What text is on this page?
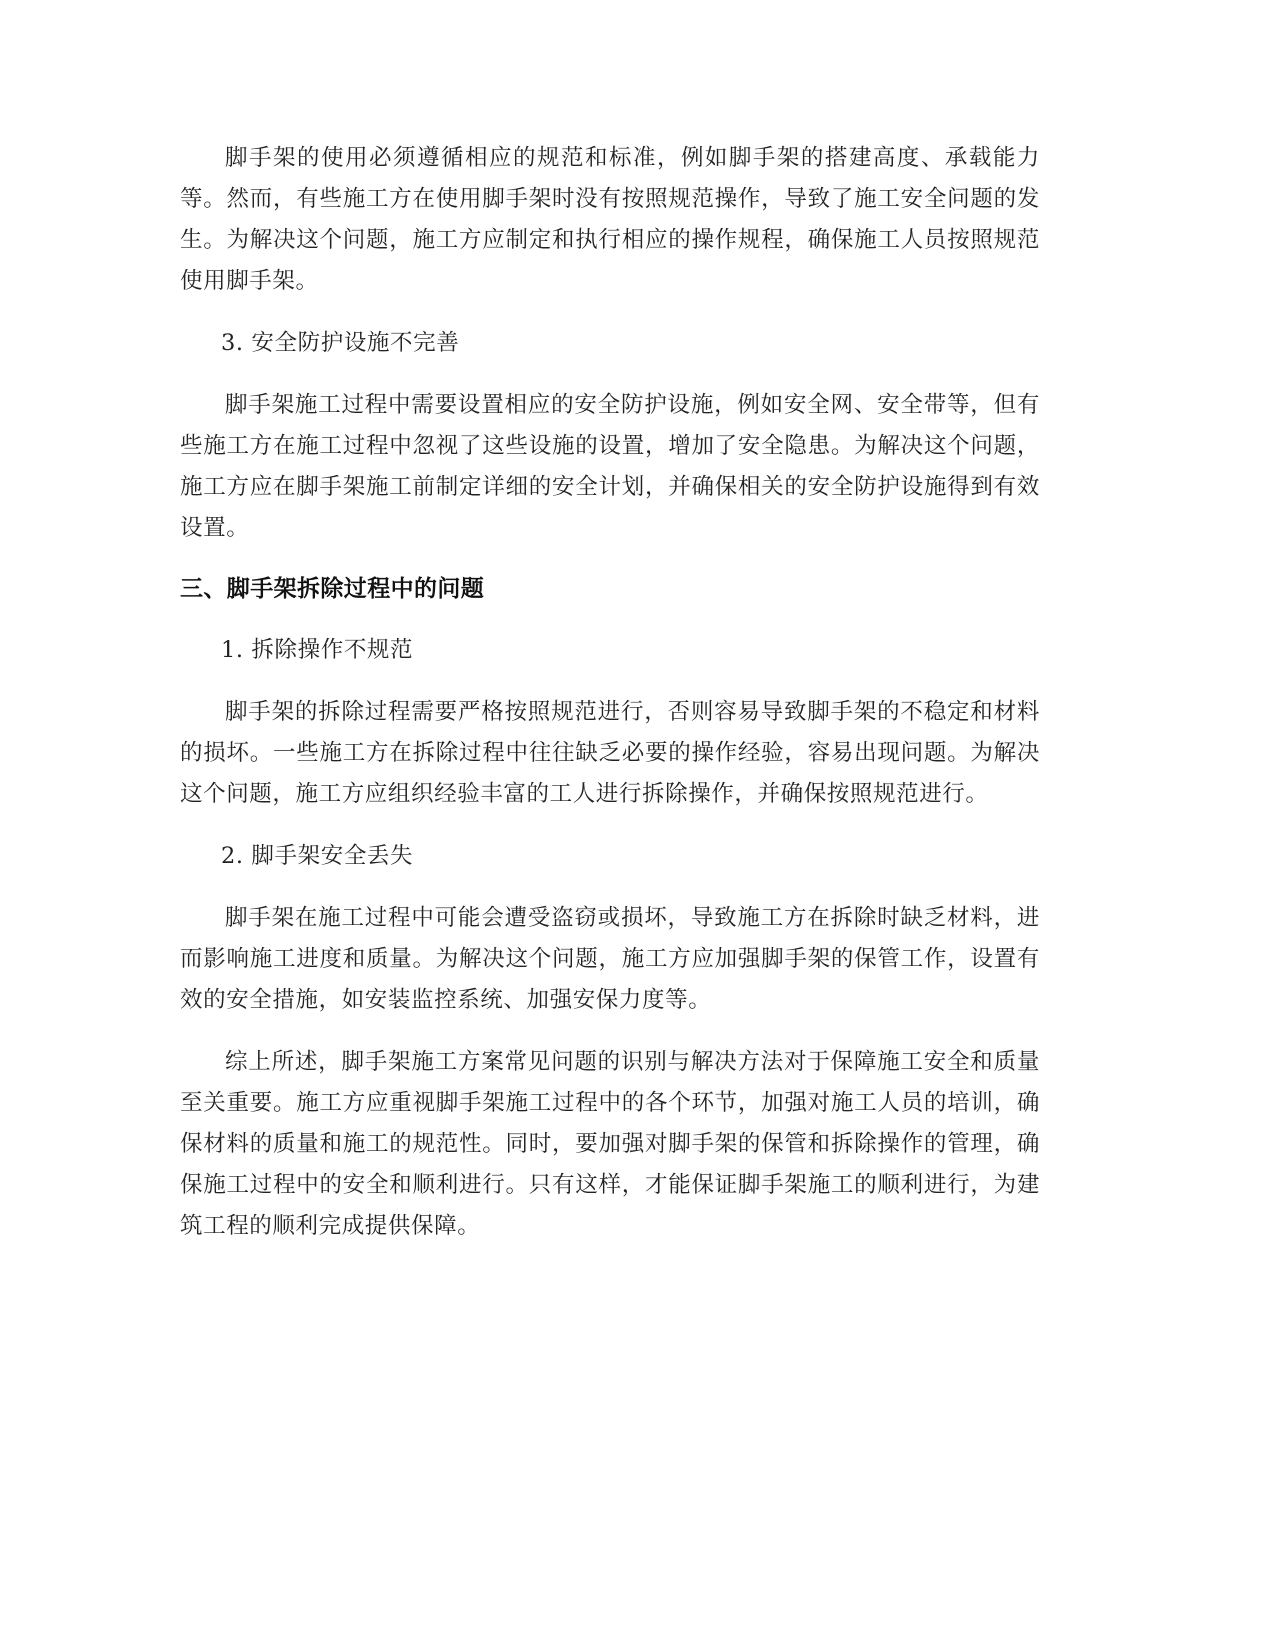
脚手架的使用必须遵循相应的规范和标准，例如脚手架的搭建高度、承载能力等。然而，有些施工方在使用脚手架时没有按照规范操作，导致了施工安全问题的发生。为解决这个问题，施工方应制定和执行相应的操作规程，确保施工人员按照规范使用脚手架。

3. 安全防护设施不完善

脚手架施工过程中需要设置相应的安全防护设施，例如安全网、安全带等，但有些施工方在施工过程中忽视了这些设施的设置，增加了安全隐患。为解决这个问题，施工方应在脚手架施工前制定详细的安全计划，并确保相关的安全防护设施得到有效设置。

三、脚手架拆除过程中的问题

1. 拆除操作不规范

脚手架的拆除过程需要严格按照规范进行，否则容易导致脚手架的不稳定和材料的损坏。一些施工方在拆除过程中往往缺乏必要的操作经验，容易出现问题。为解决这个问题，施工方应组织经验丰富的工人进行拆除操作，并确保按照规范进行。

2. 脚手架安全丢失

脚手架在施工过程中可能会遭受盗窃或损坏，导致施工方在拆除时缺乏材料，进而影响施工进度和质量。为解决这个问题，施工方应加强脚手架的保管工作，设置有效的安全措施，如安装监控系统、加强安保力度等。

综上所述，脚手架施工方案常见问题的识别与解决方法对于保障施工安全和质量至关重要。施工方应重视脚手架施工过程中的各个环节，加强对施工人员的培训，确保材料的质量和施工的规范性。同时，要加强对脚手架的保管和拆除操作的管理，确保施工过程中的安全和顺利进行。只有这样，才能保证脚手架施工的顺利进行，为建筑工程的顺利完成提供保障。
